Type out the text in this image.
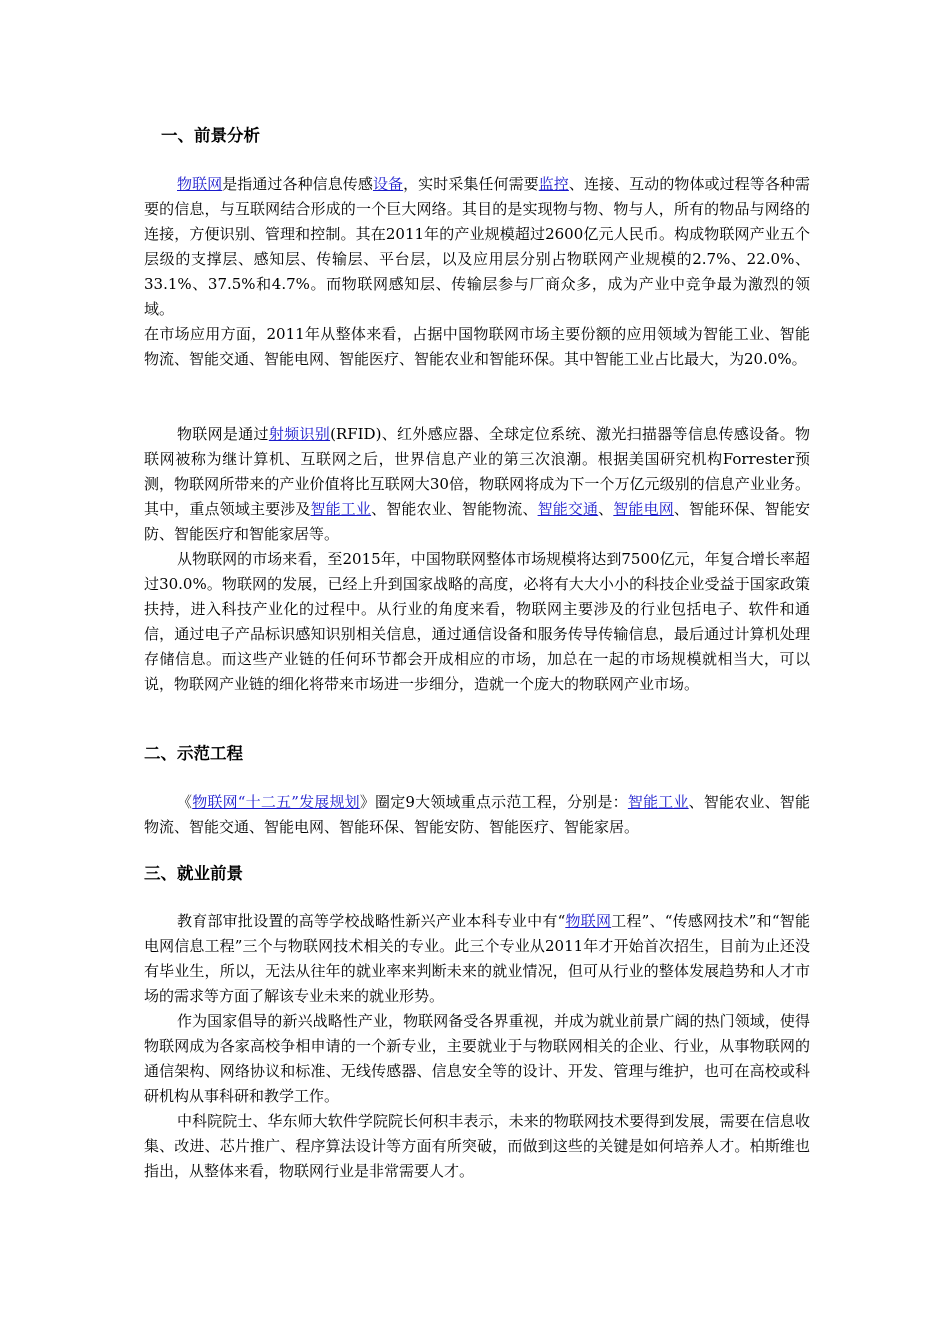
一、前景分析

物联网是指通过各种信息传感设备，实时采集任何需要监控、连接、互动的物体或过程等各种需要的信息，与互联网结合形成的一个巨大网络。其目的是实现物与物、物与人，所有的物品与网络的连接，方便识别、管理和控制。其在2011年的产业规模超过2600亿元人民币。构成物联网产业五个层级的支撑层、感知层、传输层、平台层，以及应用层分别占物联网产业规模的2.7%、22.0%、33.1%、37.5%和4.7%。而物联网感知层、传输层参与厂商众多，成为产业中竞争最为激烈的领域。

在市场应用方面，2011年从整体来看，占据中国物联网市场主要份额的应用领域为智能工业、智能物流、智能交通、智能电网、智能医疗、智能农业和智能环保。其中智能工业占比最大，为20.0%。

物联网是通过射频识别(RFID)、红外感应器、全球定位系统、激光扫描器等信息传感设备。物联网被称为继计算机、互联网之后，世界信息产业的第三次浪潮。根据美国研究机构Forrester预测，物联网所带来的产业价值将比互联网大30倍，物联网将成为下一个万亿元级别的信息产业业务。其中，重点领域主要涉及智能工业、智能农业、智能物流、智能交通、智能电网、智能环保、智能安防、智能医疗和智能家居等。

从物联网的市场来看，至2015年，中国物联网整体市场规模将达到7500亿元，年复合增长率超过30.0%。物联网的发展，已经上升到国家战略的高度，必将有大大小小的科技企业受益于国家政策扶持，进入科技产业化的过程中。从行业的角度来看，物联网主要涉及的行业包括电子、软件和通信，通过电子产品标识感知识别相关信息，通过通信设备和服务传导传输信息，最后通过计算机处理存储信息。而这些产业链的任何环节都会开成相应的市场，加总在一起的市场规模就相当大，可以说，物联网产业链的细化将带来市场进一步细分，造就一个庞大的物联网产业市场。

二、示范工程

《物联网“十二五”发展规划》圈定9大领域重点示范工程，分别是：智能工业、智能农业、智能物流、智能交通、智能电网、智能环保、智能安防、智能医疗、智能家居。

三、就业前景

教育部审批设置的高等学校战略性新兴产业本科专业中有“物联网工程”、“传感网技术”和“智能电网信息工程”三个与物联网技术相关的专业。此三个专业从2011年才开始首次招生，目前为止还没有毕业生，所以，无法从往年的就业率来判断未来的就业情况，但可从行业的整体发展趋势和人才市场的需求等方面了解该专业未来的就业形势。

作为国家倡导的新兴战略性产业，物联网备受各界重视，并成为就业前景广阔的热门领域，使得物联网成为各家高校争相申请的一个新专业，主要就业于与物联网相关的企业、行业，从事物联网的通信架构、网络协议和标准、无线传感器、信息安全等的设计、开发、管理与维护，也可在高校或科研机构从事科研和教学工作。

中科院院士、华东师大软件学院院长何积丰表示，未来的物联网技术要得到发展，需要在信息收集、改进、芯片推广、程序算法设计等方面有所突破，而做到这些的关键是如何培养人才。柏斯维也指出，从整体来看，物联网行业是非常需要人才。
